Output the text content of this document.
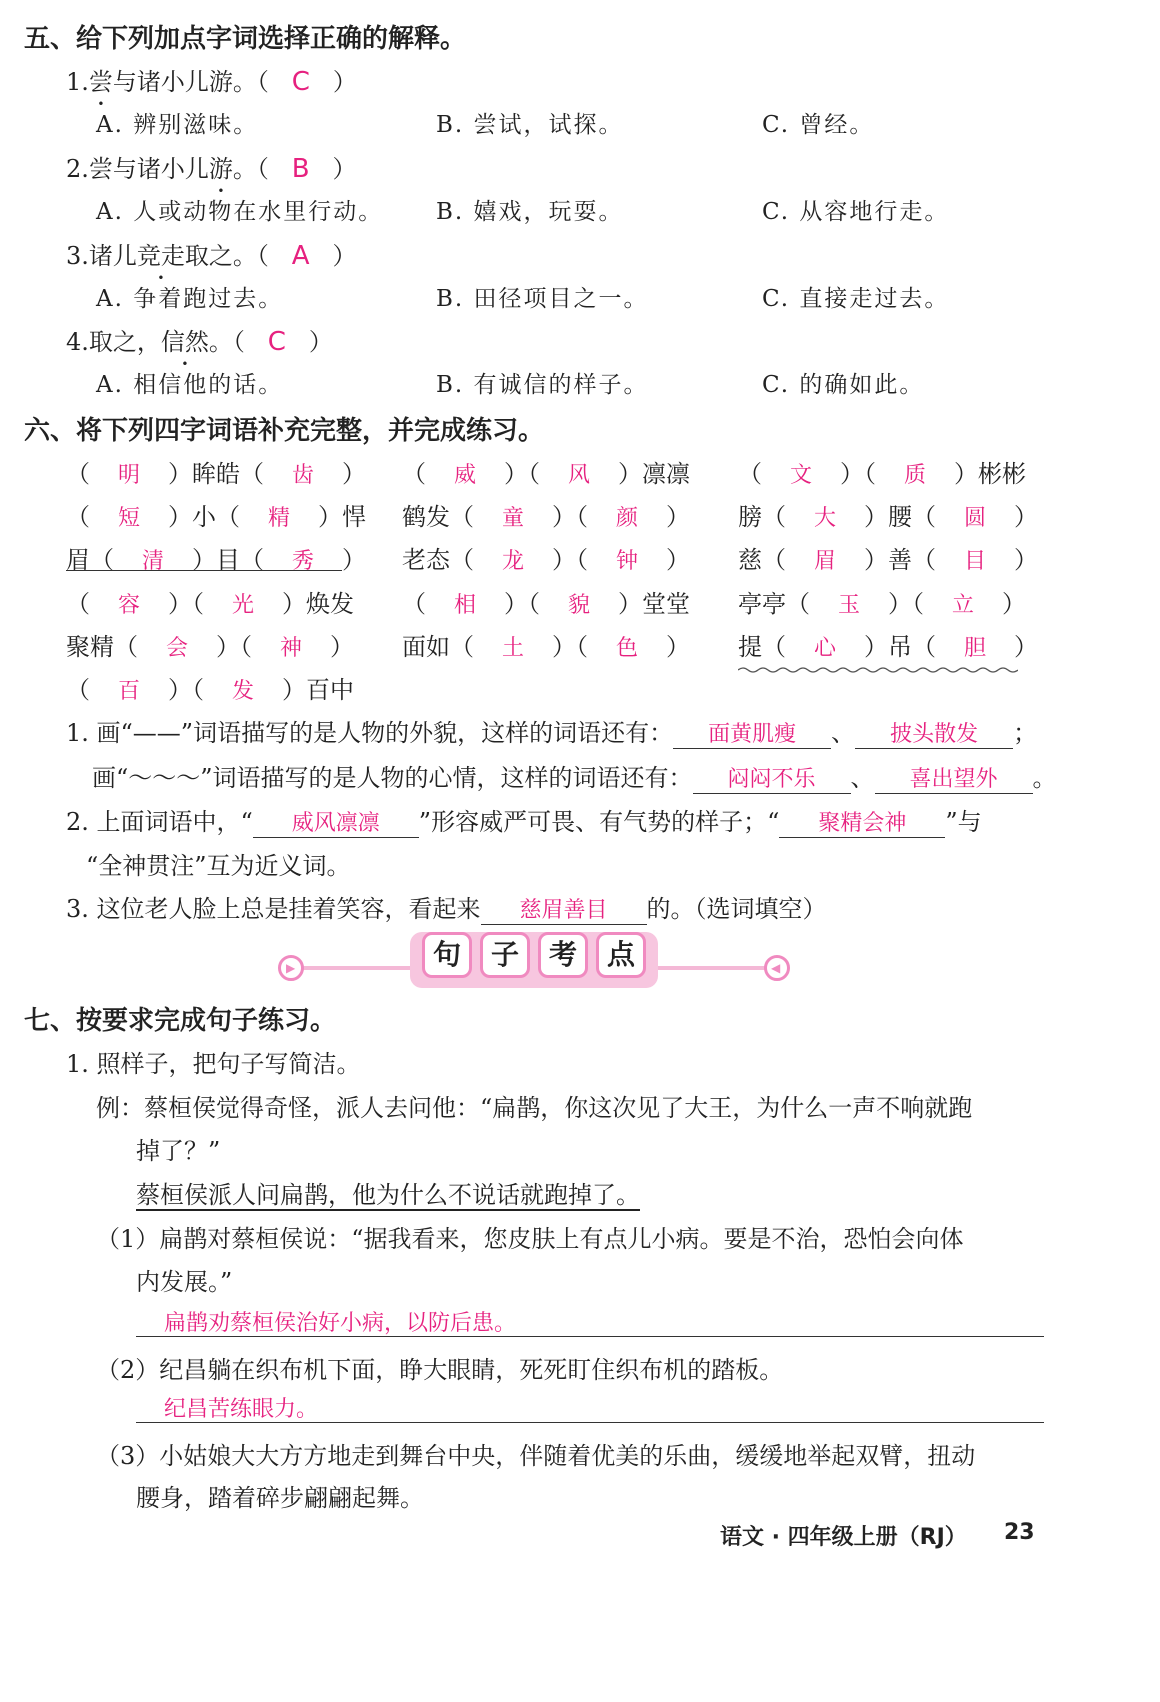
五、给下列加点字词选择正确的解释。
1.尝与诸小儿游。（ C ）
A. 辨别滋味。	B. 尝试，试探。	C. 曾经。
2.尝与诸小儿游。（ B ）
A. 人或动物在水里行动。 B. 嬉戏，玩耍。	C. 从容地行走。
3.诸儿竞走取之。（ A ）
A. 争着跑过去。	B. 田径项目之一。	C. 直接走过去。
4.取之，信然。（ C ）
A. 相信他的话。	B. 有诚信的样子。	C. 的确如此。
六、将下列四字词语补充完整，并完成练习。
（ 明 ）眸皓（ 齿 ） （ 威 ）（ 风 ）凛凛 （ 文 ）（ 质 ）彬彬
（ 短 ）小（ 精 ）悍 鹤发（ 童 ）（ 颜 ） 膀（ 大 ）腰（ 圆 ）
眉（ 清 ）目（ 秀 ） 老态（ 龙 ）（ 钟 ） 慈（ 眉 ）善（ 目 ）
（ 容 ）（ 光 ）焕发 （ 相 ）（ 貌 ）堂堂 亭亭（ 玉 ）（ 立 ）
聚精（ 会 ）（ 神 ） 面如（ 土 ）（ 色 ） 提（ 心 ）吊（ 胆 ）
（ 百 ）（ 发 ）百中
1. 画“——”词语描写的是人物的外貌，这样的词语还有： 面黄肌瘦 、 披头散发 ；
画“～～～”词语描写的是人物的心情，这样的词语还有： 闷闷不乐 、 喜出望外 。
2. 上面词语中，“ 威风凛凛 ”形容威严可畏、有气势的样子；“ 聚精会神 ”与
“全神贯注”互为近义词。
3. 这位老人脸上总是挂着笑容，看起来 慈眉善目 的。（选词填空）
▶	◀
句	子	考	点
七、按要求完成句子练习。
1. 照样子，把句子写简洁。
例：蔡桓侯觉得奇怪，派人去问他：“扁鹊，你这次见了大王，为什么一声不响就跑
掉了？”
蔡桓侯派人问扁鹊，他为什么不说话就跑掉了。
（1）扁鹊对蔡桓侯说：“据我看来，您皮肤上有点儿小病。要是不治，恐怕会向体
内发展。”
扁鹊劝蔡桓侯治好小病，以防后患。
（2）纪昌躺在织布机下面，睁大眼睛，死死盯住织布机的踏板。
纪昌苦练眼力。
（3）小姑娘大大方方地走到舞台中央，伴随着优美的乐曲，缓缓地举起双臂，扭动
腰身，踏着碎步翩翩起舞。
语文 · 四年级上册（RJ） 23
